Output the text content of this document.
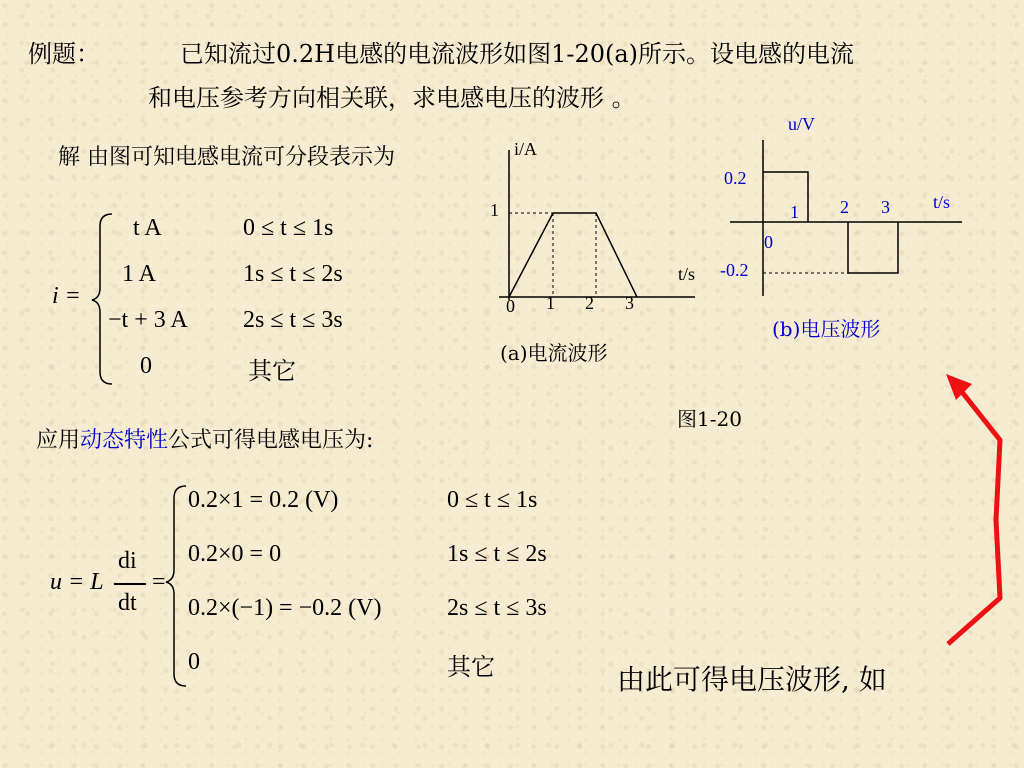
例题：	已知流过0.2H电感的电流波形如图1-20(a)所示。设电感的电流
和电压参考方向相关联，求电感电压的波形 。
解 由图可知电感电流可分段表示为
i =
t A	0 ≤ t ≤ 1s
1 A	1s ≤ t ≤ 2s
−t + 3 A 2s ≤ t ≤ 3s
0	其它
应用动态特性公式可得电感电压为:
u = L
di
dt
=
0.2×1 = 0.2 (V)	0 ≤ t ≤ 1s
0.2×0 = 0	1s ≤ t ≤ 2s
0.2×(−1) = −0.2 (V)	2s ≤ t ≤ 3s
0	其它
i/A
1
t/s
0 1 2 3
(a)电流波形
u/V
0.2
-0.2
t/s
0
1 2 3
(b)电压波形
图1-20
由此可得电压波形, 如
